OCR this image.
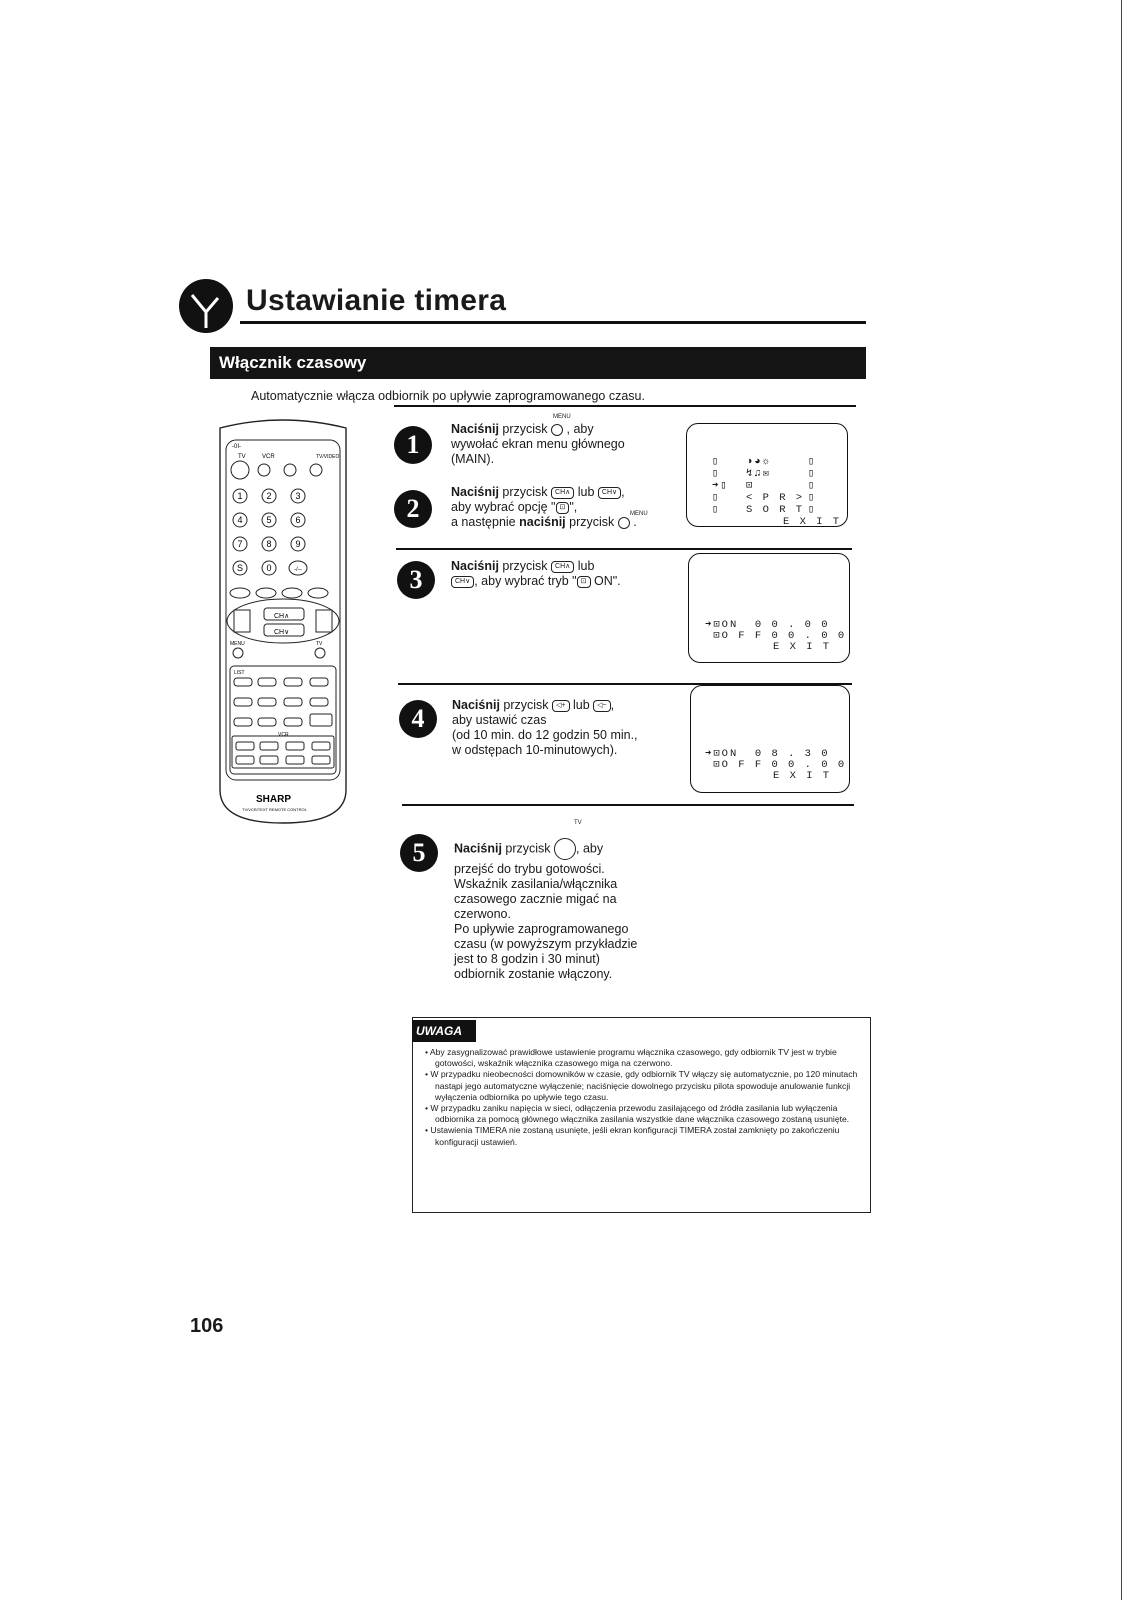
Ustawianie timera
Włącznik czasowy
Automatycznie włącza odbiornik po upływie zaprogramowanego czasu.
-0I-
TV	VCR	TV/VIDEO
1	2	3
4	5	6
7	8	9
S	0	-/--
CH∧
CH∨
MENU	TV
LIST
VCR
SHARP
TV/VCR/TEXT REMOTE CONTROL
1
MENU
Naciśnij przycisk  , aby
wywołać ekran menu głównego
(MAIN).
2	MENU
Naciśnij przycisk CH∧ lub CH∨ ,
aby wybrać opcję " ⊡ ",
a następnie naciśnij przycisk  .
▯
▯
➜▯
▯
▯
◑◕☼
↯♫✉
⊡
< P R >
S O R T
▯
▯
▯
▯
▯
E X I T
3	Naciśnij przycisk CH∧ lub
CH∨ , aby wybrać tryb " ⊡ ON".
➜⊡ON 0 0 . 0 0
⊡O F F 0 0 . 0 0
E X I T
4	Naciśnij przycisk ◁+ lub ◁− ,
aby ustawić czas
(od 10 min. do 12 godzin 50 min.,
w odstępach 10-minutowych).	➜⊡ON 0 8 . 3 0
⊡O F F 0 0 . 0 0
E X I T
5
TV
Naciśnij przycisk , aby
przejść do trybu gotowości.
Wskaźnik zasilania/włącznika
czasowego zacznie migać na
czerwono.
Po upływie zaprogramowanego
czasu (w powyższym przykładzie
jest to 8 godzin i 30 minut)
odbiornik zostanie włączony.
UWAGA
• Aby zasygnalizować prawidłowe ustawienie programu włącznika czasowego, gdy odbiornik TV jest w trybie gotowości, wskaźnik włącznika czasowego miga na czerwono.
• W przypadku nieobecności domowników w czasie, gdy odbiornik TV włączy się automatycznie, po 120 minutach nastąpi jego automatyczne wyłączenie; naciśnięcie dowolnego przycisku pilota spowoduje anulowanie funkcji wyłączenia odbiornika po upływie tego czasu.
• W przypadku zaniku napięcia w sieci, odłączenia przewodu zasilającego od źródła zasilania lub wyłączenia odbiornika za pomocą głównego włącznika zasilania wszystkie dane włącznika czasowego zostaną usunięte.
• Ustawienia TIMERA nie zostaną usunięte, jeśli ekran konfiguracji TIMERA został zamknięty po zakończeniu konfiguracji ustawień.
106
